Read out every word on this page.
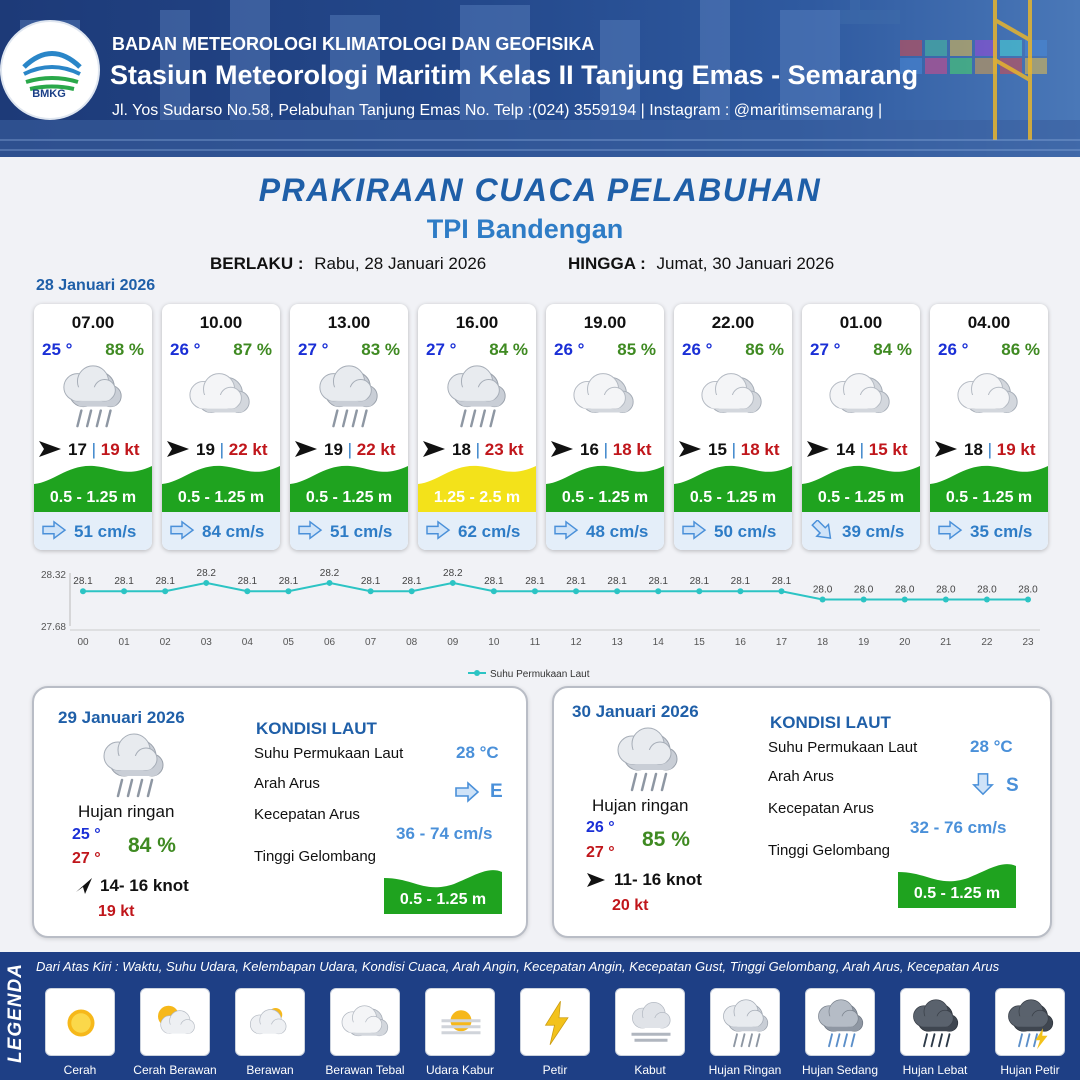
BMKG
BADAN METEOROLOGI KLIMATOLOGI DAN GEOFISIKA
Stasiun Meteorologi Maritim Kelas II Tanjung Emas - Semarang
Jl. Yos Sudarso No.58, Pelabuhan Tanjung Emas No. Telp :(024) 3559194 | Instagram : @maritimsemarang |
PRAKIRAAN CUACA PELABUHAN
TPI Bandengan
BERLAKU : Rabu, 28 Januari 2026	HINGGA : Jumat, 30 Januari 2026
28 Januari 2026
07.00
25 ° 88 %
17 | 19 kt
0.5 - 1.25 m
51 cm/s
10.00
26 ° 87 %
19 | 22 kt
0.5 - 1.25 m
84 cm/s
13.00
27 ° 83 %
19 | 22 kt
0.5 - 1.25 m
51 cm/s
16.00
27 ° 84 %
18 | 23 kt
1.25 - 2.5 m
62 cm/s
19.00
26 ° 85 %
16 | 18 kt
0.5 - 1.25 m
48 cm/s
22.00
26 ° 86 %
15 | 18 kt
0.5 - 1.25 m
50 cm/s
01.00
27 ° 84 %
14 | 15 kt
0.5 - 1.25 m
39 cm/s
04.00
26 ° 86 %
18 | 19 kt
0.5 - 1.25 m
35 cm/s
28.32
27.68
28.1
00
28.1
01
28.1
02
28.2
03
28.1
04
28.1
05
28.2
06
28.1
07
28.1
08
28.2
09
28.1
10
28.1
11
28.1
12
28.1
13
28.1
14
28.1
15
28.1
16
28.1
17
28.0
18
28.0
19
28.0
20
28.0
21
28.0
22
28.0
23
Suhu Permukaan Laut
29 Januari 2026
Hujan ringan
25 °
27 °
84 %
14- 16 knot
19 kt
KONDISI LAUT
Suhu Permukaan Laut	28 °C
Arah Arus	E
Kecepatan Arus
36 - 74 cm/s
Tinggi Gelombang
0.5 - 1.25 m
30 Januari 2026
Hujan ringan
26 °
27 °
85 %
11- 16 knot
20 kt
KONDISI LAUT
Suhu Permukaan Laut	28 °C
Arah Arus	S
Kecepatan Arus
32 - 76 cm/s
Tinggi Gelombang
0.5 - 1.25 m
LEGENDA Dari Atas Kiri : Waktu, Suhu Udara, Kelembapan Udara, Kondisi Cuaca, Arah Angin, Kecepatan Angin, Kecepatan Gust, Tinggi Gelombang, Arah Arus, Kecepatan Arus
Cerah	Cerah Berawan	Berawan	Berawan Tebal	Udara Kabur	Petir	Kabut	Hujan Ringan	Hujan Sedang	Hujan Lebat	Hujan Petir
